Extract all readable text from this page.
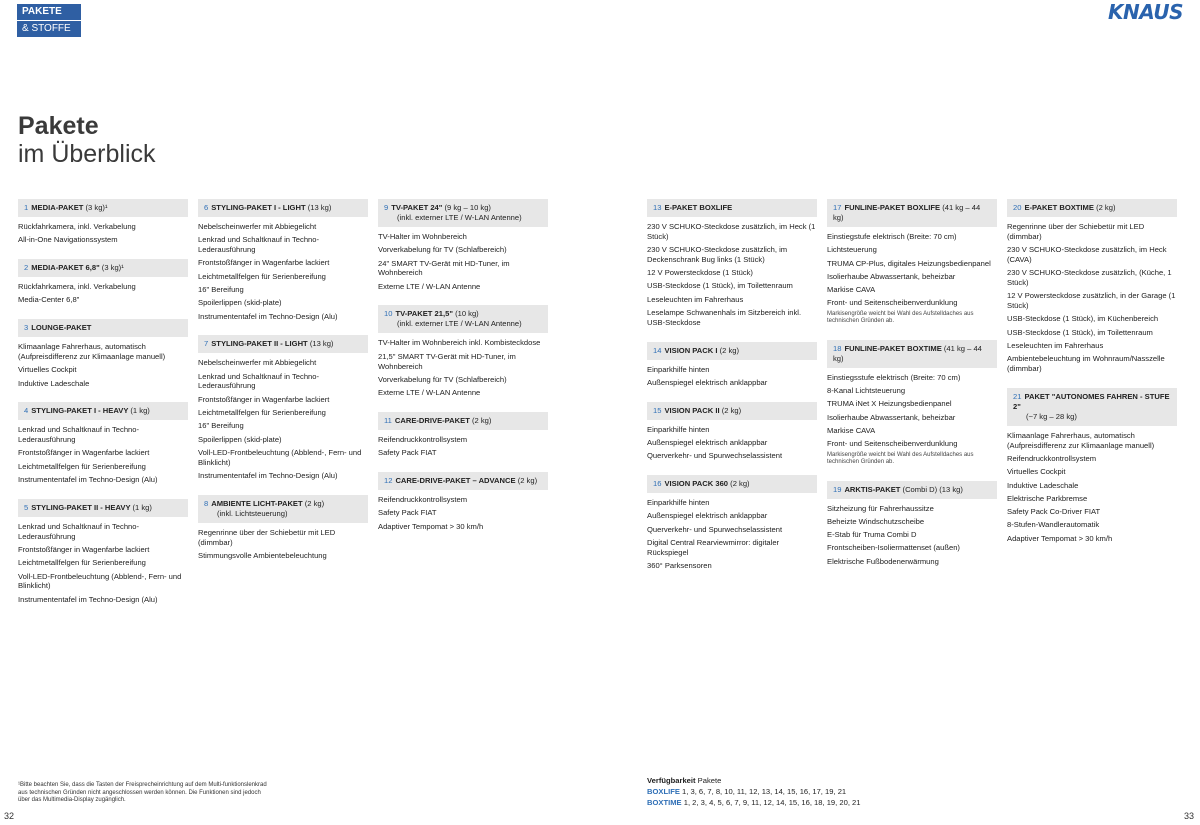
PAKETE
& STOFFE
KNAUS
Pakete
im Überblick
1 MEDIA-PAKET (3 kg)¹
Rückfahrkamera, inkl. Verkabelung
All-in-One Navigationssystem
2 MEDIA-PAKET 6,8" (3 kg)¹
Rückfahrkamera, inkl. Verkabelung
Media-Center 6,8"
3 LOUNGE-PAKET
Klimaanlage Fahrerhaus, automatisch (Aufpreisdifferenz zur Klimaanlage manuell)
Virtuelles Cockpit
Induktive Ladeschale
4 STYLING-PAKET I - HEAVY (1 kg)
Lenkrad und Schaltknauf in Techno-Lederausführung
Frontstoßfänger in Wagenfarbe lackiert
Leichtmetallfelgen für Serienbereifung
Instrumententafel im Techno-Design (Alu)
5 STYLING-PAKET II - HEAVY (1 kg)
Lenkrad und Schaltknauf in Techno-Lederausführung
Frontstoßfänger in Wagenfarbe lackiert
Leichtmetallfelgen für Serienbereifung
Voll-LED-Frontbeleuchtung (Abblend-, Fern- und Blinklicht)
Instrumententafel im Techno-Design (Alu)
6 STYLING-PAKET I - LIGHT (13 kg)
Nebelscheinwerfer mit Abbiegelicht
Lenkrad und Schaltknauf in Techno-Lederausführung
Frontstoßfänger in Wagenfarbe lackiert
Leichtmetallfelgen für Serienbereifung
16" Bereifung
Spoilerlippen (skid-plate)
Instrumententafel im Techno-Design (Alu)
7 STYLING-PAKET II - LIGHT (13 kg)
Nebelscheinwerfer mit Abbiegelicht
Lenkrad und Schaltknauf in Techno-Lederausführung
Frontstoßfänger in Wagenfarbe lackiert
Leichtmetallfelgen für Serienbereifung
16" Bereifung
Spoilerlippen (skid-plate)
Voll-LED-Frontbeleuchtung (Abblend-, Fern- und Blinklicht)
Instrumententafel im Techno-Design (Alu)
8 AMBIENTE LICHT-PAKET (2 kg)
(inkl. Lichtsteuerung)
Regenrinne über der Schiebetür mit LED (dimmbar)
Stimmungsvolle Ambientebeleuchtung
9 TV-PAKET 24" (9 kg – 10 kg)
(inkl. externer LTE / W-LAN Antenne)
TV-Halter im Wohnbereich
Vorverkabelung für TV (Schlafbereich)
24" SMART TV-Gerät mit HD-Tuner, im Wohnbereich
Externe LTE / W-LAN Antenne
10 TV-PAKET 21,5" (10 kg)
(inkl. externer LTE / W-LAN Antenne)
TV-Halter im Wohnbereich inkl. Kombisteckdose
21,5" SMART TV-Gerät mit HD-Tuner, im Wohnbereich
Vorverkabelung für TV (Schlafbereich)
Externe LTE / W-LAN Antenne
11 CARE-DRIVE-PAKET (2 kg)
Reifendruckkontrollsystem
Safety Pack FIAT
12 CARE-DRIVE-PAKET – ADVANCE (2 kg)
Reifendruckkontrollsystem
Safety Pack FIAT
Adaptiver Tempomat > 30 km/h
13 E-PAKET BOXLIFE
230 V SCHUKO-Steckdose zusätzlich, im Heck (1 Stück)
230 V SCHUKO-Steckdose zusätzlich, im Deckenschrank Bug links (1 Stück)
12 V Powersteckdose (1 Stück)
USB-Steckdose (1 Stück), im Toilettenraum
Leseleuchten im Fahrerhaus
Leselampe Schwanenhals im Sitzbereich inkl. USB-Steckdose
14 VISION PACK I (2 kg)
Einparkhilfe hinten
Außenspiegel elektrisch anklappbar
15 VISION PACK II (2 kg)
Einparkhilfe hinten
Außenspiegel elektrisch anklappbar
Querverkehr- und Spurwechselassistent
16 VISION PACK 360 (2 kg)
Einparkhilfe hinten
Außenspiegel elektrisch anklappbar
Querverkehr- und Spurwechselassistent
Digital Central Rearviewmirror: digitaler Rückspiegel
360° Parksensoren
17 FUNLINE-PAKET BOXLIFE (41 kg – 44 kg)
Einstiegstufe elektrisch (Breite: 70 cm)
Lichtsteuerung
TRUMA CP-Plus, digitales Heizungsbedienpanel
Isolierhaube Abwassertank, beheizbar
Markise CAVA
Front- und Seitenscheibenverdunklung
Markisengröße weicht bei Wahl des Aufstelldaches aus technischen Gründen ab.
18 FUNLINE-PAKET BOXTIME (41 kg – 44 kg)
Einstiegsstufe elektrisch (Breite: 70 cm)
8-Kanal Lichtsteuerung
TRUMA iNet X Heizungsbedienpanel
Isolierhaube Abwassertank, beheizbar
Markise CAVA
Front- und Seitenscheibenverdunklung
Markisengröße weicht bei Wahl des Aufstelldaches aus technischen Gründen ab.
19 ARKTIS-PAKET (Combi D) (13 kg)
Sitzheizung für Fahrerhaussitze
Beheizte Windschutzscheibe
E-Stab für Truma Combi D
Frontscheiben-Isoliermattenset (außen)
Elektrische Fußbodenerwärmung
20 E-PAKET BOXTIME (2 kg)
Regenrinne über der Schiebetür mit LED (dimmbar)
230 V SCHUKO-Steckdose zusätzlich, im Heck (CAVA)
230 V SCHUKO-Steckdose zusätzlich, (Küche, 1 Stück)
12 V Powersteckdose zusätzlich, in der Garage (1 Stück)
USB-Steckdose (1 Stück), im Küchenbereich
USB-Steckdose (1 Stück), im Toilettenraum
Leseleuchten im Fahrerhaus
Ambientebeleuchtung im Wohnraum/Nasszelle (dimmbar)
21 PAKET "AUTONOMES FAHREN - STUFE 2"
(~7 kg – 28 kg)
Klimaanlage Fahrerhaus, automatisch (Aufpreisdifferenz zur Klimaanlage manuell)
Reifendruckkontrollsystem
Virtuelles Cockpit
Induktive Ladeschale
Elektrische Parkbremse
Safety Pack Co-Driver FIAT
8-Stufen-Wandlerautomatik
Adaptiver Tempomat > 30 km/h
¹Bitte beachten Sie, dass die Tasten der Freisprecheinrichtung auf dem Multi-funktionslenkrad aus technischen Gründen nicht angeschlossen werden können. Die Funktionen sind jedoch über das Multimedia-Display zugänglich.
32	33
Verfügbarkeit Pakete
BOXLIFE 1, 3, 6, 7, 8, 10, 11, 12, 13, 14, 15, 16, 17, 19, 21
BOXTIME 1, 2, 3, 4, 5, 6, 7, 9, 11, 12, 14, 15, 16, 18, 19, 20, 21
